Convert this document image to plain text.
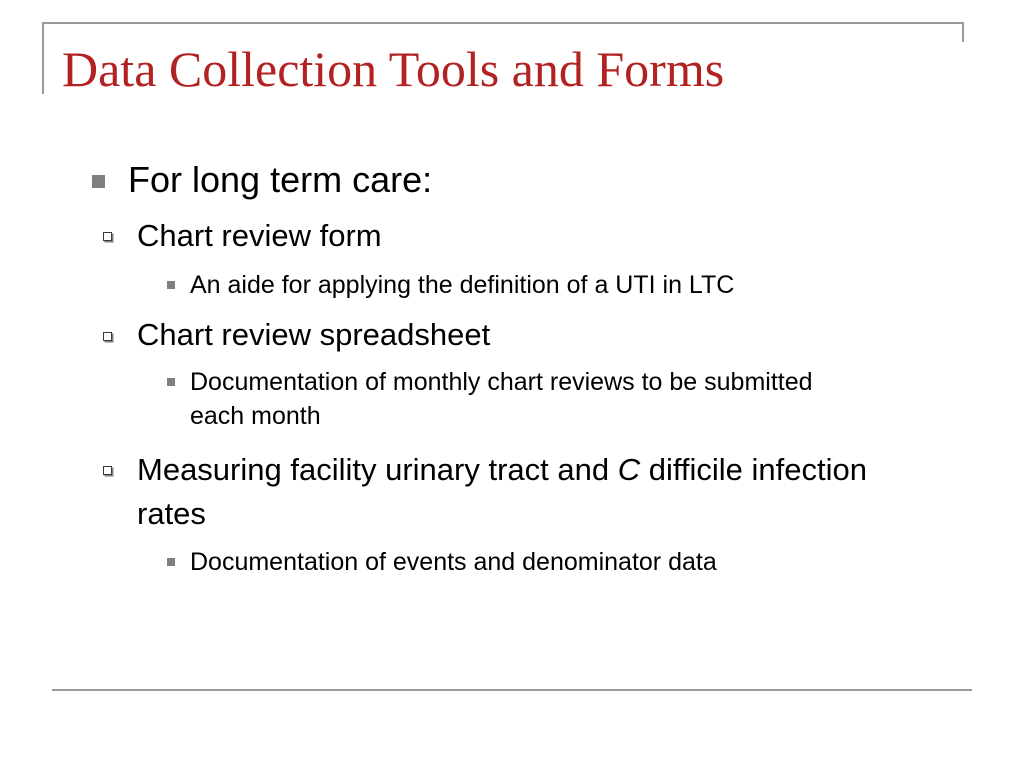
Data Collection Tools and Forms
For long term care:
Chart review form
An aide for applying the definition of a UTI in LTC
Chart review spreadsheet
Documentation of monthly chart reviews to be submitted each month
Measuring facility urinary tract and C difficile infection rates
Documentation of events and denominator data
